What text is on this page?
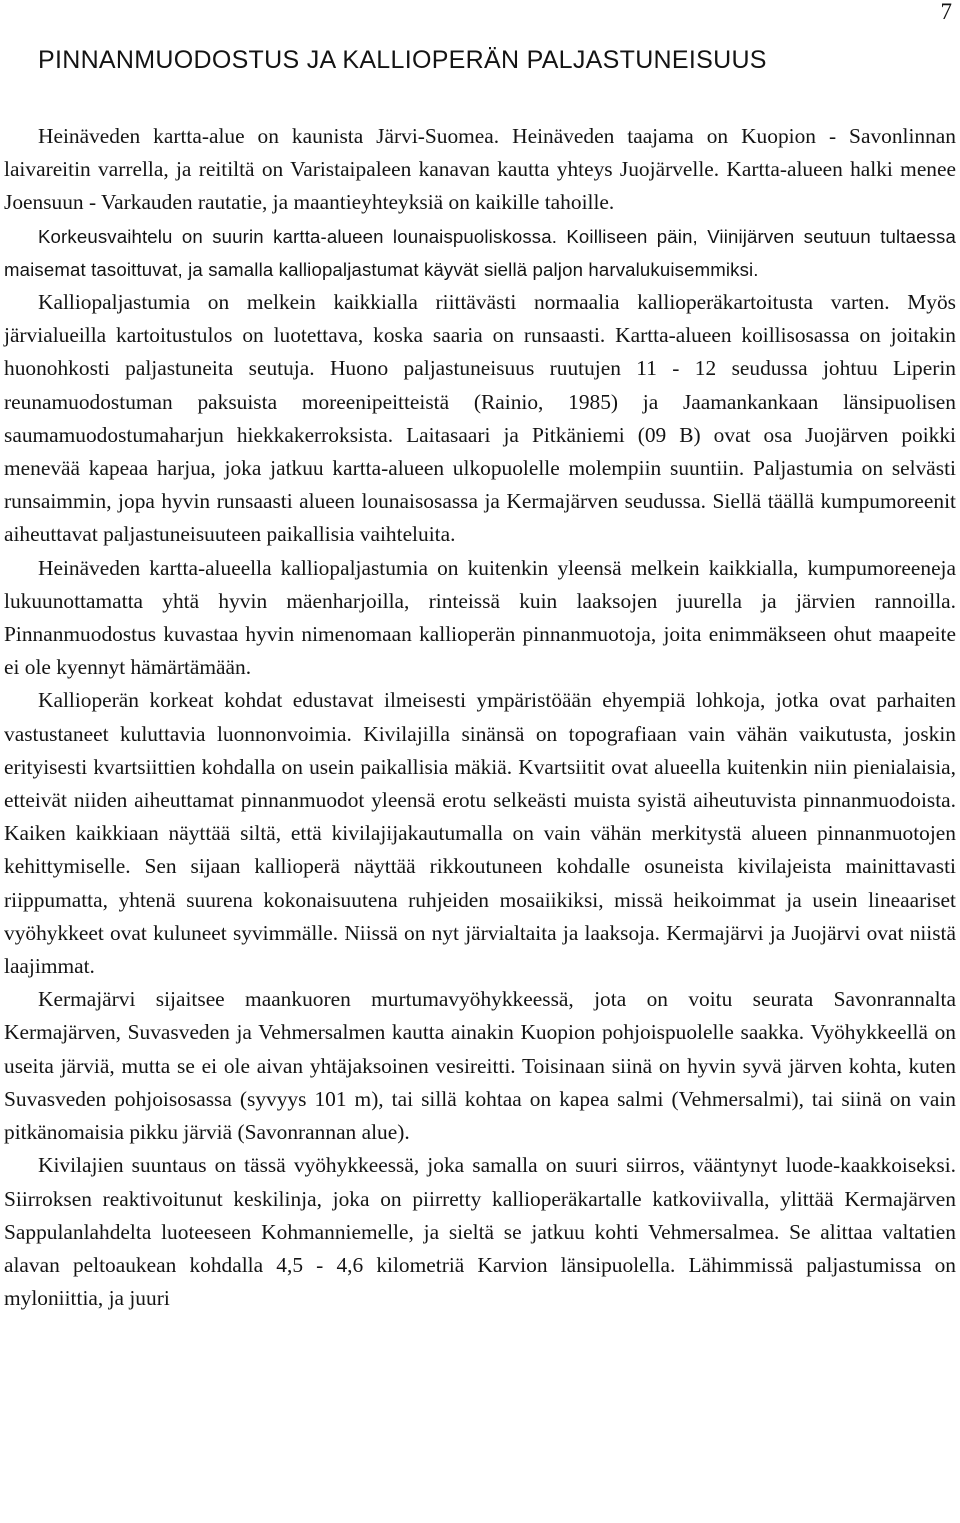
7
PINNANMUODOSTUS JA KALLIOPERÄN PALJASTUNEISUUS

Heinäveden kartta-alue on kaunista Järvi-Suomea. Heinäveden taajama on Kuopion - Savonlinnan laivareitin varrella, ja reitiltä on Varistaipaleen kanavan kautta yhteys Juojärvelle. Kartta-alueen halki menee Joensuun - Varkauden rautatie, ja maantieyhteyksiä on kaikille tahoille.

Korkeusvaihtelu on suurin kartta-alueen lounaispuoliskossa. Koilliseen päin, Viinijärven seutuun tultaessa maisemat tasoittuvat, ja samalla kalliopaljastumat käyvät siellä paljon harvalukuisemmiksi.

Kalliopaljastumia on melkein kaikkialla riittävästi normaalia kallioperäkartoitusta varten. Myös järvialueilla kartoitustulos on luotettava, koska saaria on runsaasti. Kartta-alueen koillisosassa on joitakin huonohkosti paljastuneita seutuja. Huono paljastuneisuus ruutujen 11 - 12 seudussa johtuu Liperin reunamuodostuman paksuista moreenipeitteistä (Rainio, 1985) ja Jaamankankaan länsipuolisen saumamuodostumaharjun hiekkakerroksista. Laitasaari ja Pitkäniemi (09 B) ovat osa Juojärven poikki menevää kapeaa harjua, joka jatkuu kartta-alueen ulkopuolelle molempiin suuntiin. Paljastumia on selvästi runsaimmin, jopa hyvin runsaasti alueen lounaisosassa ja Kermajärven seudussa. Siellä täällä kumpumoreenit aiheuttavat paljastuneisuuteen paikallisia vaihteluita.

Heinäveden kartta-alueella kalliopaljastumia on kuitenkin yleensä melkein kaikkialla, kumpumoreeneja lukuunottamatta yhtä hyvin mäenharjoilla, rinteissä kuin laaksojen juurella ja järvien rannoilla. Pinnanmuodostus kuvastaa hyvin nimenomaan kallioperän pinnanmuotoja, joita enimmäkseen ohut maapeite ei ole kyennyt hämärtämään.

Kallioperän korkeat kohdat edustavat ilmeisesti ympäristöään ehyempiä lohkoja, jotka ovat parhaiten vastustaneet kuluttavia luonnonvoimia. Kivilajilla sinänsä on topografiaan vain vähän vaikutusta, joskin erityisesti kvartsiittien kohdalla on usein paikallisia mäkiä. Kvartsiitit ovat alueella kuitenkin niin pienialaisia, etteivät niiden aiheuttamat pinnanmuodot yleensä erotu selkeästi muista syistä aiheutuvista pinnanmuodoista. Kaiken kaikkiaan näyttää siltä, että kivilajijakautumalla on vain vähän merkitystä alueen pinnanmuotojen kehittymiselle. Sen sijaan kallioperä näyttää rikkoutuneen kohdalle osuneista kivilajeista mainittavasti riippumatta, yhtenä suurena kokonaisuutena ruhjeiden mosaiikiksi, missä heikoimmat ja usein lineaariset vyöhykkeet ovat kuluneet syvimmälle. Niissä on nyt järvialtaita ja laaksoja. Kermajärvi ja Juojärvi ovat niistä laajimmat.

Kermajärvi sijaitsee maankuoren murtumavyöhykkeessä, jota on voitu seurata Savonrannalta Kermajärven, Suvasveden ja Vehmersalmen kautta ainakin Kuopion pohjoispuolelle saakka. Vyöhykkeellä on useita järviä, mutta se ei ole aivan yhtäjaksoinen vesireitti. Toisinaan siinä on hyvin syvä järven kohta, kuten Suvasveden pohjoisosassa (syvyys 101 m), tai sillä kohtaa on kapea salmi (Vehmersalmi), tai siinä on vain pitkänomaisia pikku järviä (Savonrannan alue).

Kivilajien suuntaus on tässä vyöhykkeessä, joka samalla on suuri siirros, vääntynyt luode-kaakkoiseksi. Siirroksen reaktivoitunut keskilinja, joka on piirretty kallioperäkartalle katkoviivalla, ylittää Kermajärven Sappulanlahdelta luoteeseen Kohmanniemelle, ja sieltä se jatkuu kohti Vehmersalmea. Se alittaa valtatien alavan peltoaukean kohdalla 4,5 - 4,6 kilometriä Karvion länsipuolella. Lähimmissä paljastumissa on myloniittia, ja juuri
